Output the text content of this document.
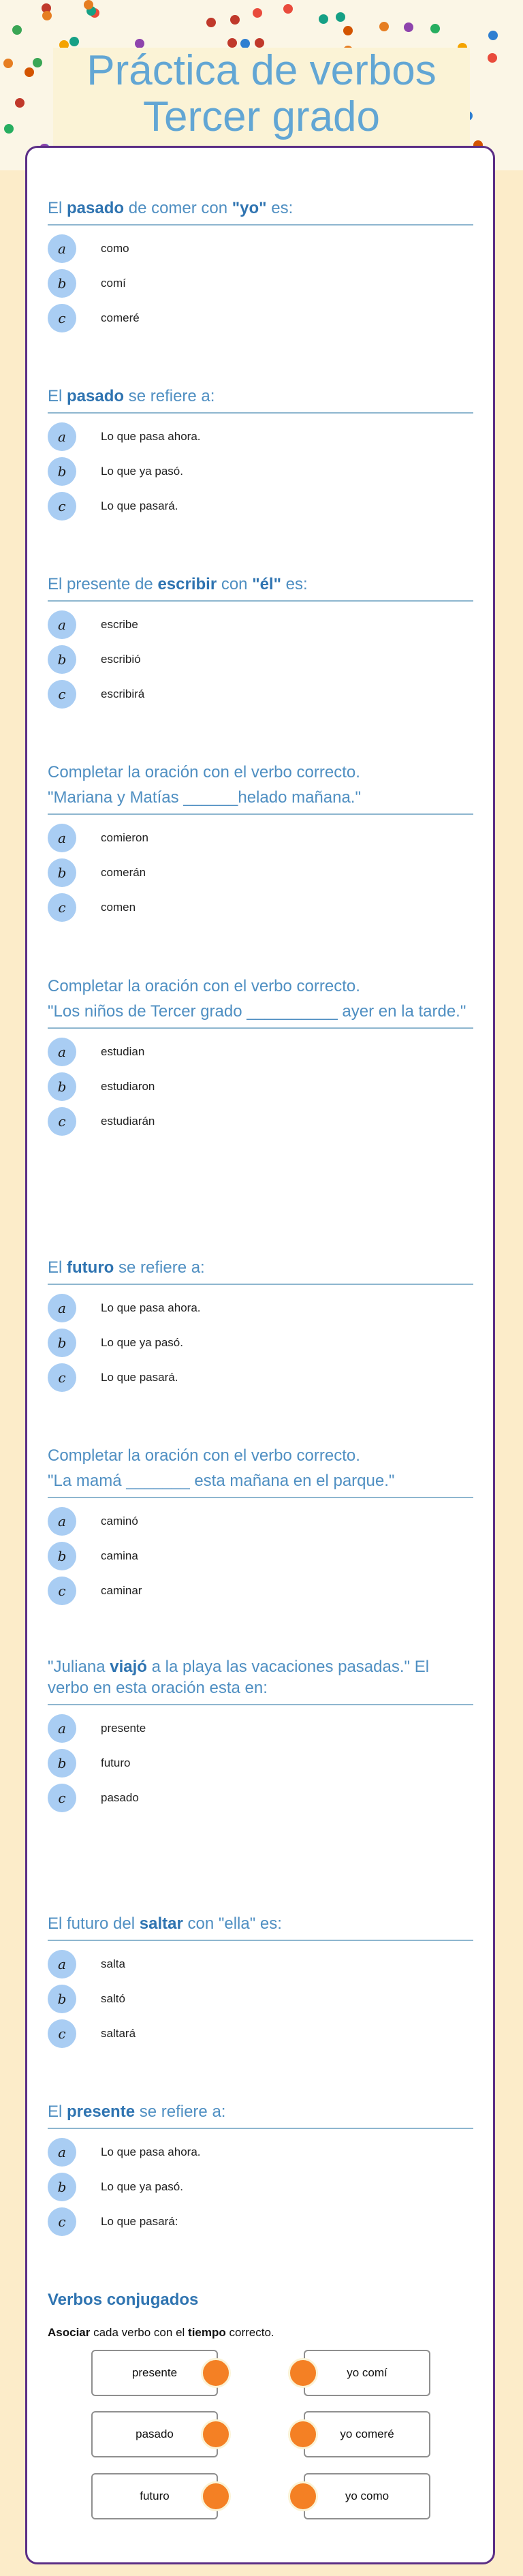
Práctica de verbos
Tercer grado
El pasado de comer con "yo" es:
a	como
b	comí
c	comeré
El pasado se refiere a:
a	Lo que pasa ahora.
b	Lo que ya pasó.
c	Lo que pasará.
El presente de escribir con "él" es:
a	escribe
b	escribió
c	escribirá
Completar la oración con el verbo correcto.
"Mariana y Matías ______helado mañana."
a	comieron
b	comerán
c	comen
Completar la oración con el verbo correcto.
"Los niños de Tercer grado __________ ayer en la tarde."
a	estudian
b	estudiaron
c	estudiarán
El futuro se refiere a:
a	Lo que pasa ahora.
b	Lo que ya pasó.
c	Lo que pasará.
Completar la oración con el verbo correcto.
"La mamá _______ esta mañana en el parque."
a	caminó
b	camina
c	caminar
"Juliana viajó a la playa las vacaciones pasadas." El verbo en esta oración esta en:
a	presente
b	futuro
c	pasado
El futuro del saltar con "ella" es:
a	salta
b	saltó
c	saltará
El presente se refiere a:
a	Lo que pasa ahora.
b	Lo que ya pasó.
c	Lo que pasará:
Verbos conjugados
Asociar cada verbo con el tiempo correcto.
presente
pasado
futuro
yo comí
yo comeré
yo como
